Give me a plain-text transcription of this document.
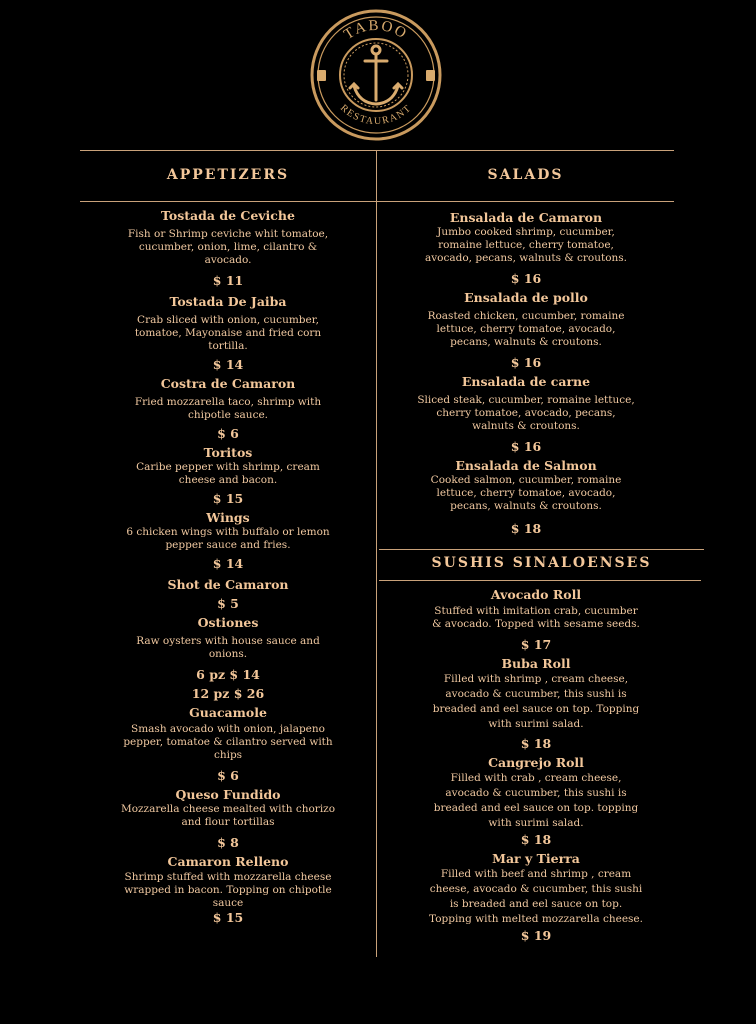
TABOO
RESTAURANT
APPETIZERS	SALADS
SUSHIS SINALOENSES
Tostada de Ceviche
Fish or Shrimp ceviche whit tomatoe, cucumber, onion, lime, cilantro & avocado.
$ 11
Tostada De Jaiba
Crab sliced with onion, cucumber, tomatoe, Mayonaise and fried corn tortilla.
$ 14
Costra de Camaron
Fried mozzarella taco, shrimp with chipotle sauce.
$ 6
Toritos
Caribe pepper with shrimp, cream cheese and bacon.
$ 15
Wings
6 chicken wings with buffalo or lemon pepper sauce and fries.
$ 14
Shot de Camaron
$ 5
Ostiones
Raw oysters with house sauce and onions.
6 pz $ 14
12 pz $ 26
Guacamole
Smash avocado with onion, jalapeno pepper, tomatoe & cilantro served with chips
$ 6
Queso Fundido
Mozzarella cheese mealted with chorizo and flour tortillas
$ 8
Camaron Relleno
Shrimp stuffed with mozzarella cheese wrapped in bacon. Topping on chipotle sauce
$ 15
Ensalada de Camaron
Jumbo cooked shrimp, cucumber, romaine lettuce, cherry tomatoe, avocado, pecans, walnuts & croutons.
$ 16
Ensalada de pollo
Roasted chicken, cucumber, romaine lettuce, cherry tomatoe, avocado, pecans, walnuts & croutons.
$ 16
Ensalada de carne
Sliced steak, cucumber, romaine lettuce, cherry tomatoe, avocado, pecans, walnuts & croutons.
$ 16
Ensalada de Salmon
Cooked salmon, cucumber, romaine lettuce, cherry tomatoe, avocado, pecans, walnuts & croutons.
$ 18
Avocado Roll
Stuffed with imitation crab, cucumber & avocado. Topped with sesame seeds.
$ 17
Buba Roll
Filled with shrimp , cream cheese, avocado & cucumber, this sushi is breaded and eel sauce on top. Topping with surimi salad.
$ 18
Cangrejo Roll
Filled with crab , cream cheese, avocado & cucumber, this sushi is breaded and eel sauce on top. topping with surimi salad.
$ 18
Mar y Tierra
Filled with beef and shrimp , cream cheese, avocado & cucumber, this sushi is breaded and eel sauce on top. Topping with melted mozzarella cheese.
$ 19
